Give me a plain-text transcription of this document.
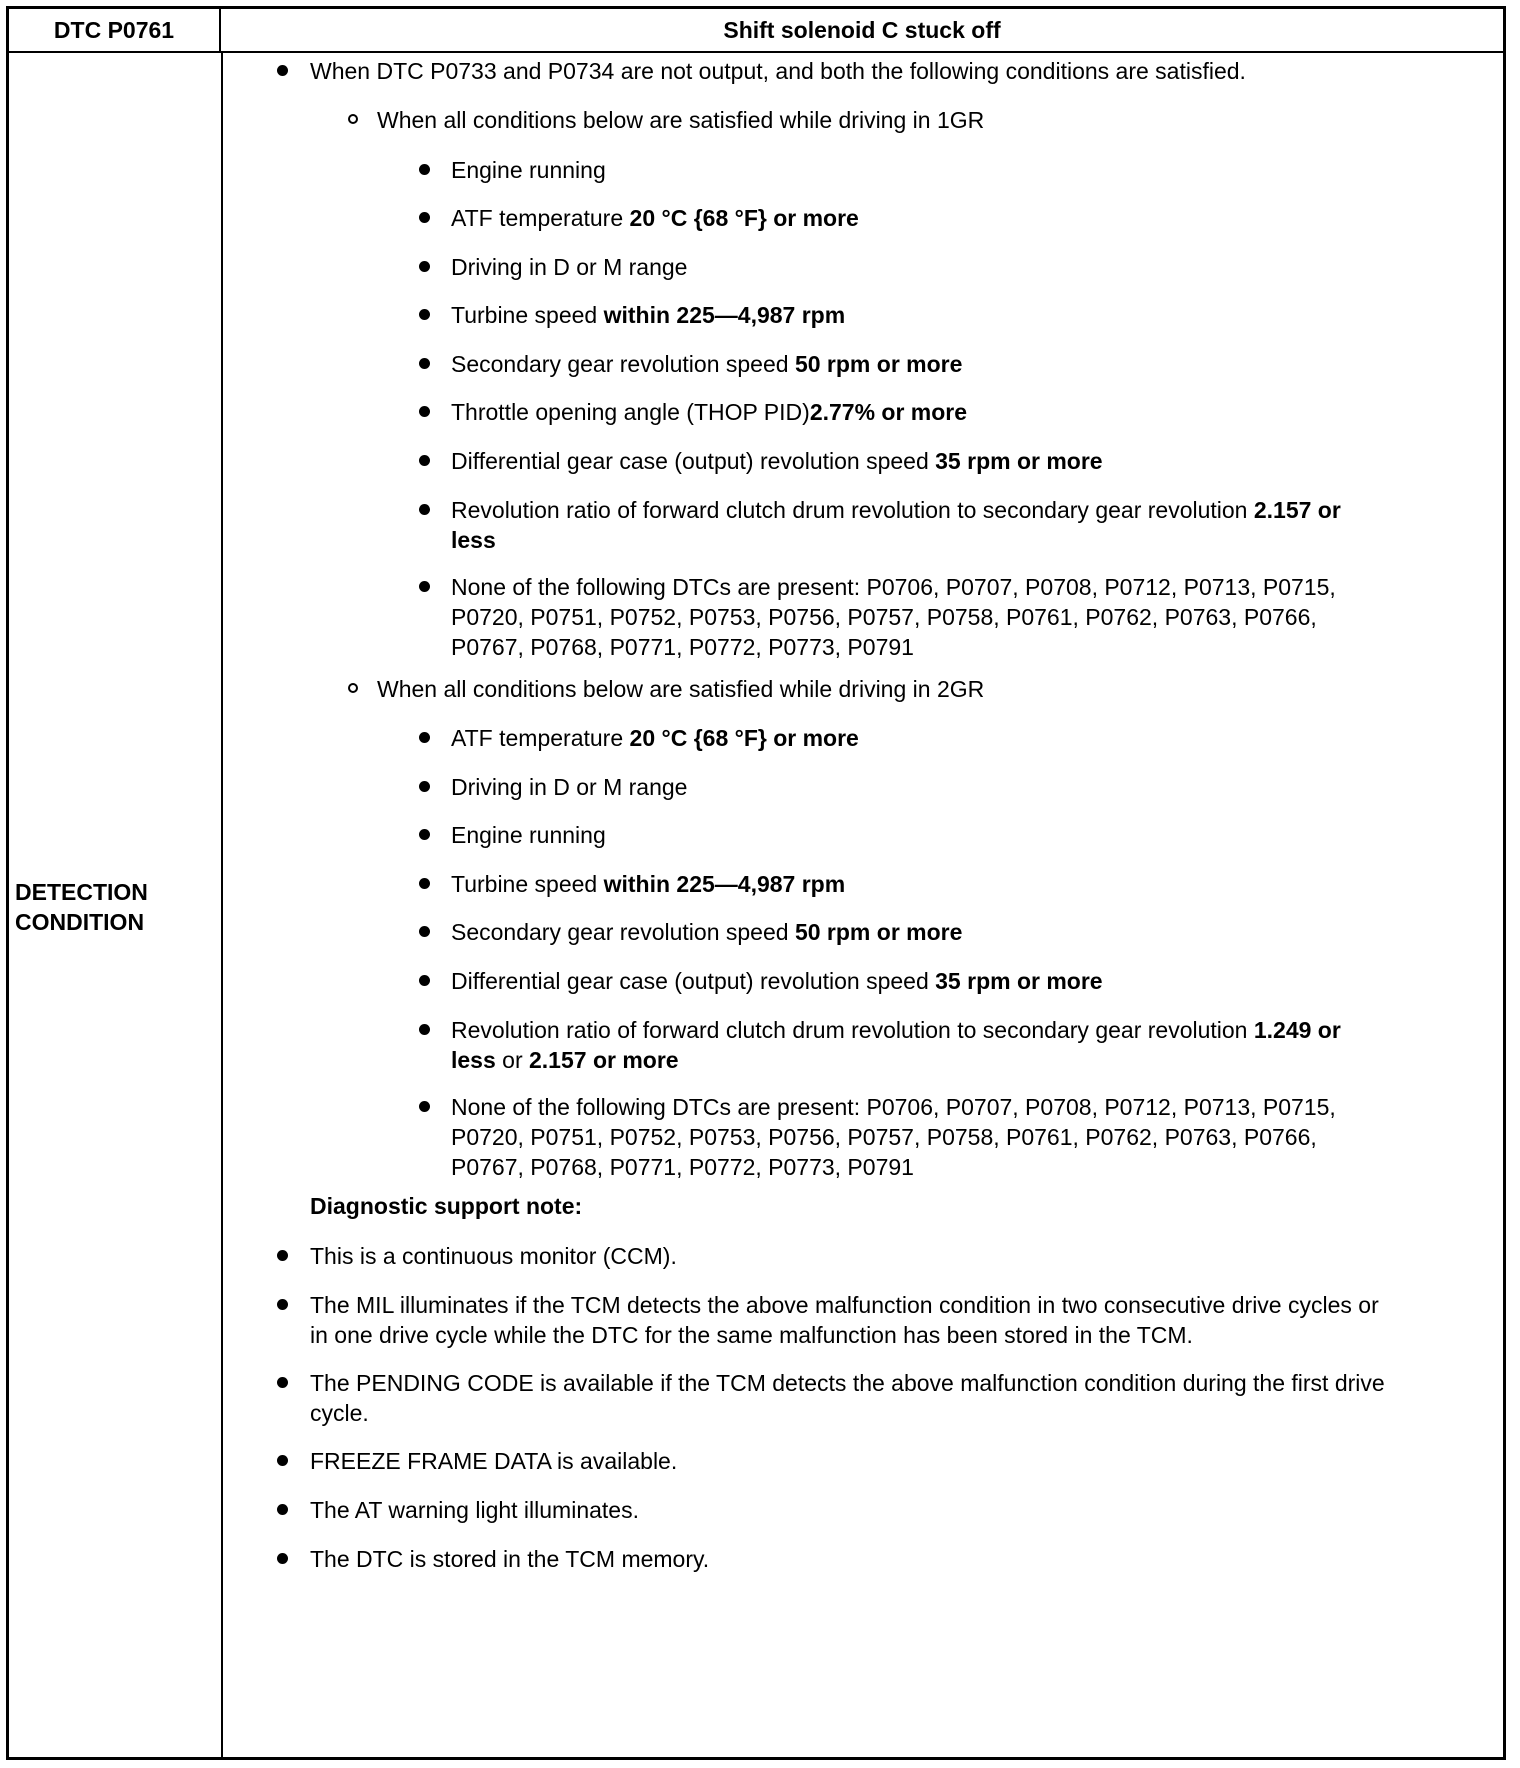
DTC P0761	Shift solenoid C stuck off
DETECTION
CONDITION
When DTC P0733 and P0734 are not output, and both the following conditions are satisfied.
When all conditions below are satisfied while driving in 1GR
Engine running
ATF temperature 20 °C {68 °F} or more
Driving in D or M range
Turbine speed within 225—4,987 rpm
Secondary gear revolution speed 50 rpm or more
Throttle opening angle (THOP PID)2.77% or more
Differential gear case (output) revolution speed 35 rpm or more
Revolution ratio of forward clutch drum revolution to secondary gear revolution 2.157 or
less
None of the following DTCs are present: P0706, P0707, P0708, P0712, P0713, P0715,
P0720, P0751, P0752, P0753, P0756, P0757, P0758, P0761, P0762, P0763, P0766,
P0767, P0768, P0771, P0772, P0773, P0791
When all conditions below are satisfied while driving in 2GR
ATF temperature 20 °C {68 °F} or more
Driving in D or M range
Engine running
Turbine speed within 225—4,987 rpm
Secondary gear revolution speed 50 rpm or more
Differential gear case (output) revolution speed 35 rpm or more
Revolution ratio of forward clutch drum revolution to secondary gear revolution 1.249 or
less or 2.157 or more
None of the following DTCs are present: P0706, P0707, P0708, P0712, P0713, P0715,
P0720, P0751, P0752, P0753, P0756, P0757, P0758, P0761, P0762, P0763, P0766,
P0767, P0768, P0771, P0772, P0773, P0791
Diagnostic support note:
This is a continuous monitor (CCM).
The MIL illuminates if the TCM detects the above malfunction condition in two consecutive drive cycles or
in one drive cycle while the DTC for the same malfunction has been stored in the TCM.
The PENDING CODE is available if the TCM detects the above malfunction condition during the first drive
cycle.
FREEZE FRAME DATA is available.
The AT warning light illuminates.
The DTC is stored in the TCM memory.
